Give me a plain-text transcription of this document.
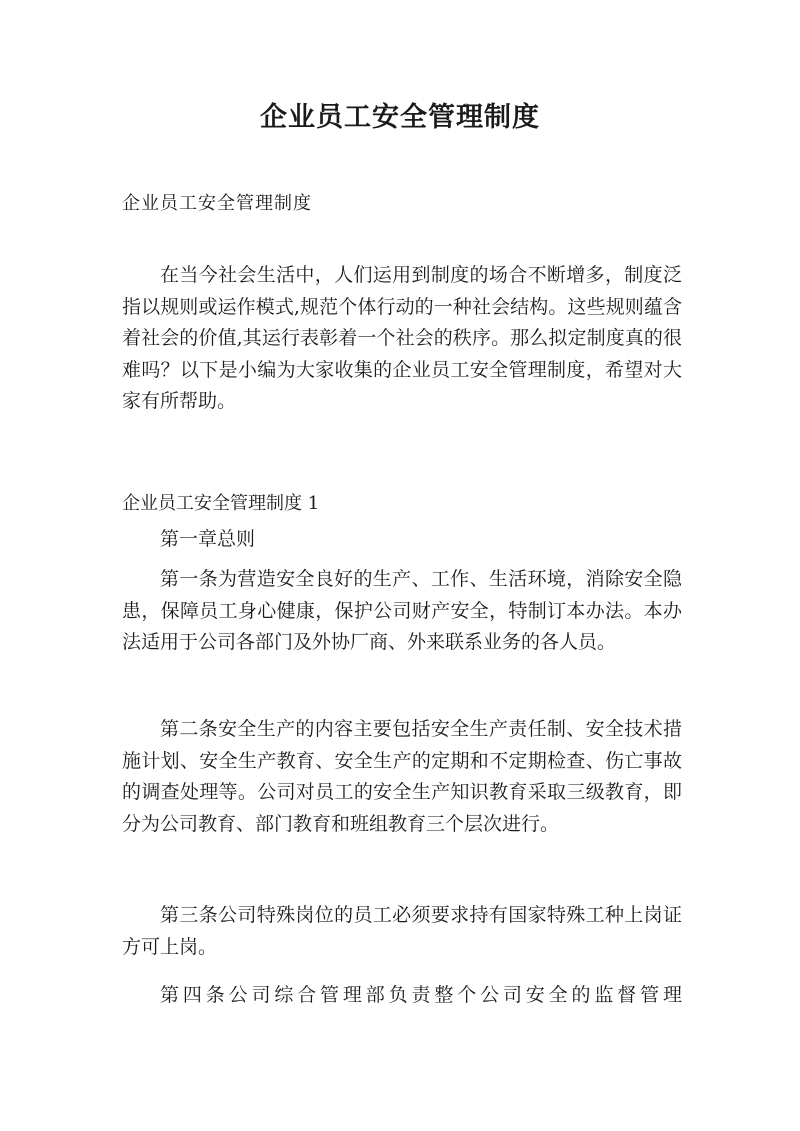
企业员工安全管理制度

企业员工安全管理制度

在当今社会生活中，人们运用到制度的场合不断增多，制度泛指以规则或运作模式,规范个体行动的一种社会结构。这些规则蕴含着社会的价值,其运行表彰着一个社会的秩序。那么拟定制度真的很难吗？以下是小编为大家收集的企业员工安全管理制度，希望对大家有所帮助。

企业员工安全管理制度 1

第一章总则

第一条为营造安全良好的生产、工作、生活环境，消除安全隐患，保障员工身心健康，保护公司财产安全，特制订本办法。本办法适用于公司各部门及外协厂商、外来联系业务的各人员。

第二条安全生产的内容主要包括安全生产责任制、安全技术措施计划、安全生产教育、安全生产的定期和不定期检查、伤亡事故的调查处理等。公司对员工的安全生产知识教育采取三级教育，即分为公司教育、部门教育和班组教育三个层次进行。

第三条公司特殊岗位的员工必须要求持有国家特殊工种上岗证方可上岗。

第四条公司综合管理部负责整个公司安全的监督管理
